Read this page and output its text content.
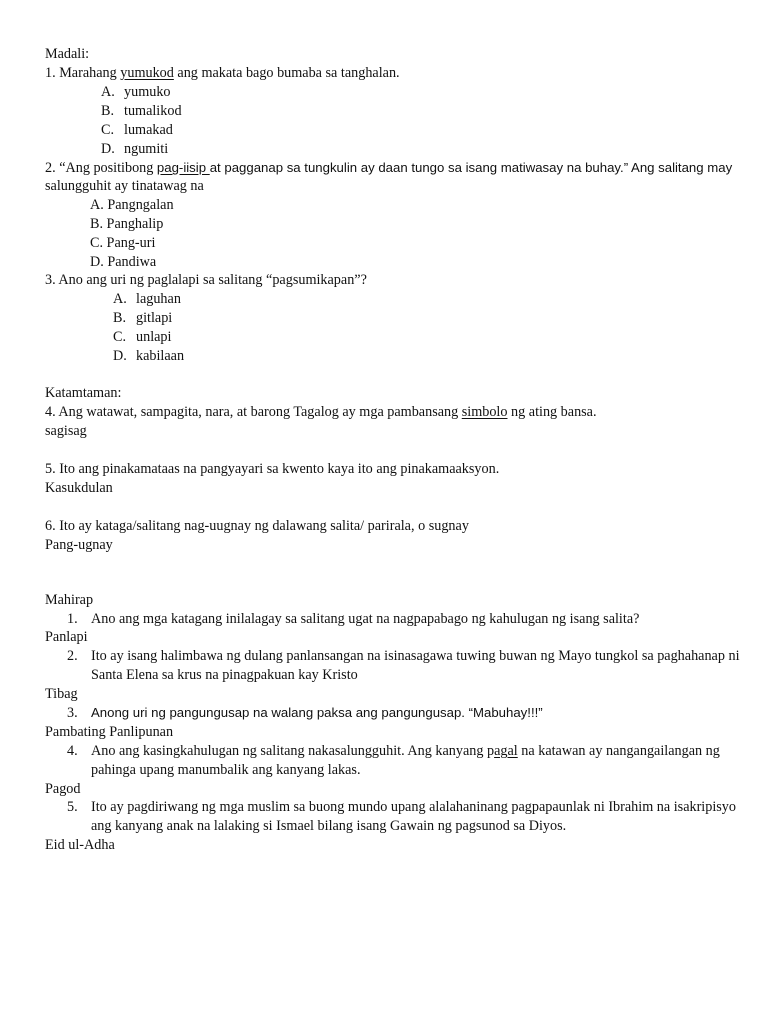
Madali:
1. Marahang yumukod ang makata bago bumaba sa tanghalan.
A. yumuko
B. tumalikod
C. lumakad
D. ngumiti
2. “Ang positibong pag-iisip at pagganap sa tungkulin ay daan tungo sa isang matiwasay na buhay.” Ang salitang may
salungguhit ay tinatawag na
A. Pangngalan
B. Panghalip
C. Pang-uri
D. Pandiwa
3. Ano ang uri ng paglalapi sa salitang “pagsumikapan”?
A. laguhan
B. gitlapi
C. unlapi
D. kabilaan
Katamtaman:
4. Ang watawat, sampagita, nara, at barong Tagalog ay mga pambansang simbolo ng ating bansa.
sagisag
5. Ito ang pinakamataas na pangyayari sa kwento kaya ito ang pinakamaaksyon.
Kasukdulan
6. Ito ay kataga/salitang nag-uugnay ng dalawang salita/ parirala, o sugnay
Pang-ugnay
Mahirap
1. Ano ang mga katagang inilalagay sa salitang ugat na nagpapabago ng kahulugan ng isang salita?
Panlapi
2. Ito ay isang halimbawa ng dulang panlansangan na isinasagawa tuwing buwan ng Mayo tungkol sa paghahanap ni
Santa Elena sa krus na pinagpakuan kay Kristo
Tibag
3. Anong uri ng pangungusap na walang paksa ang pangungusap. “Mabuhay!!!”
Pambating Panlipunan
4. Ano ang kasingkahulugan ng salitang nakasalungguhit. Ang kanyang pagal na katawan ay nangangailangan ng
pahinga upang manumbalik ang kanyang lakas.
Pagod
5. Ito ay pagdiriwang ng mga muslim sa buong mundo upang alalahaninang pagpapaunlak ni Ibrahim na isakripisyo
ang kanyang anak na lalaking si Ismael bilang isang Gawain ng pagsunod sa Diyos.
Eid ul-Adha
